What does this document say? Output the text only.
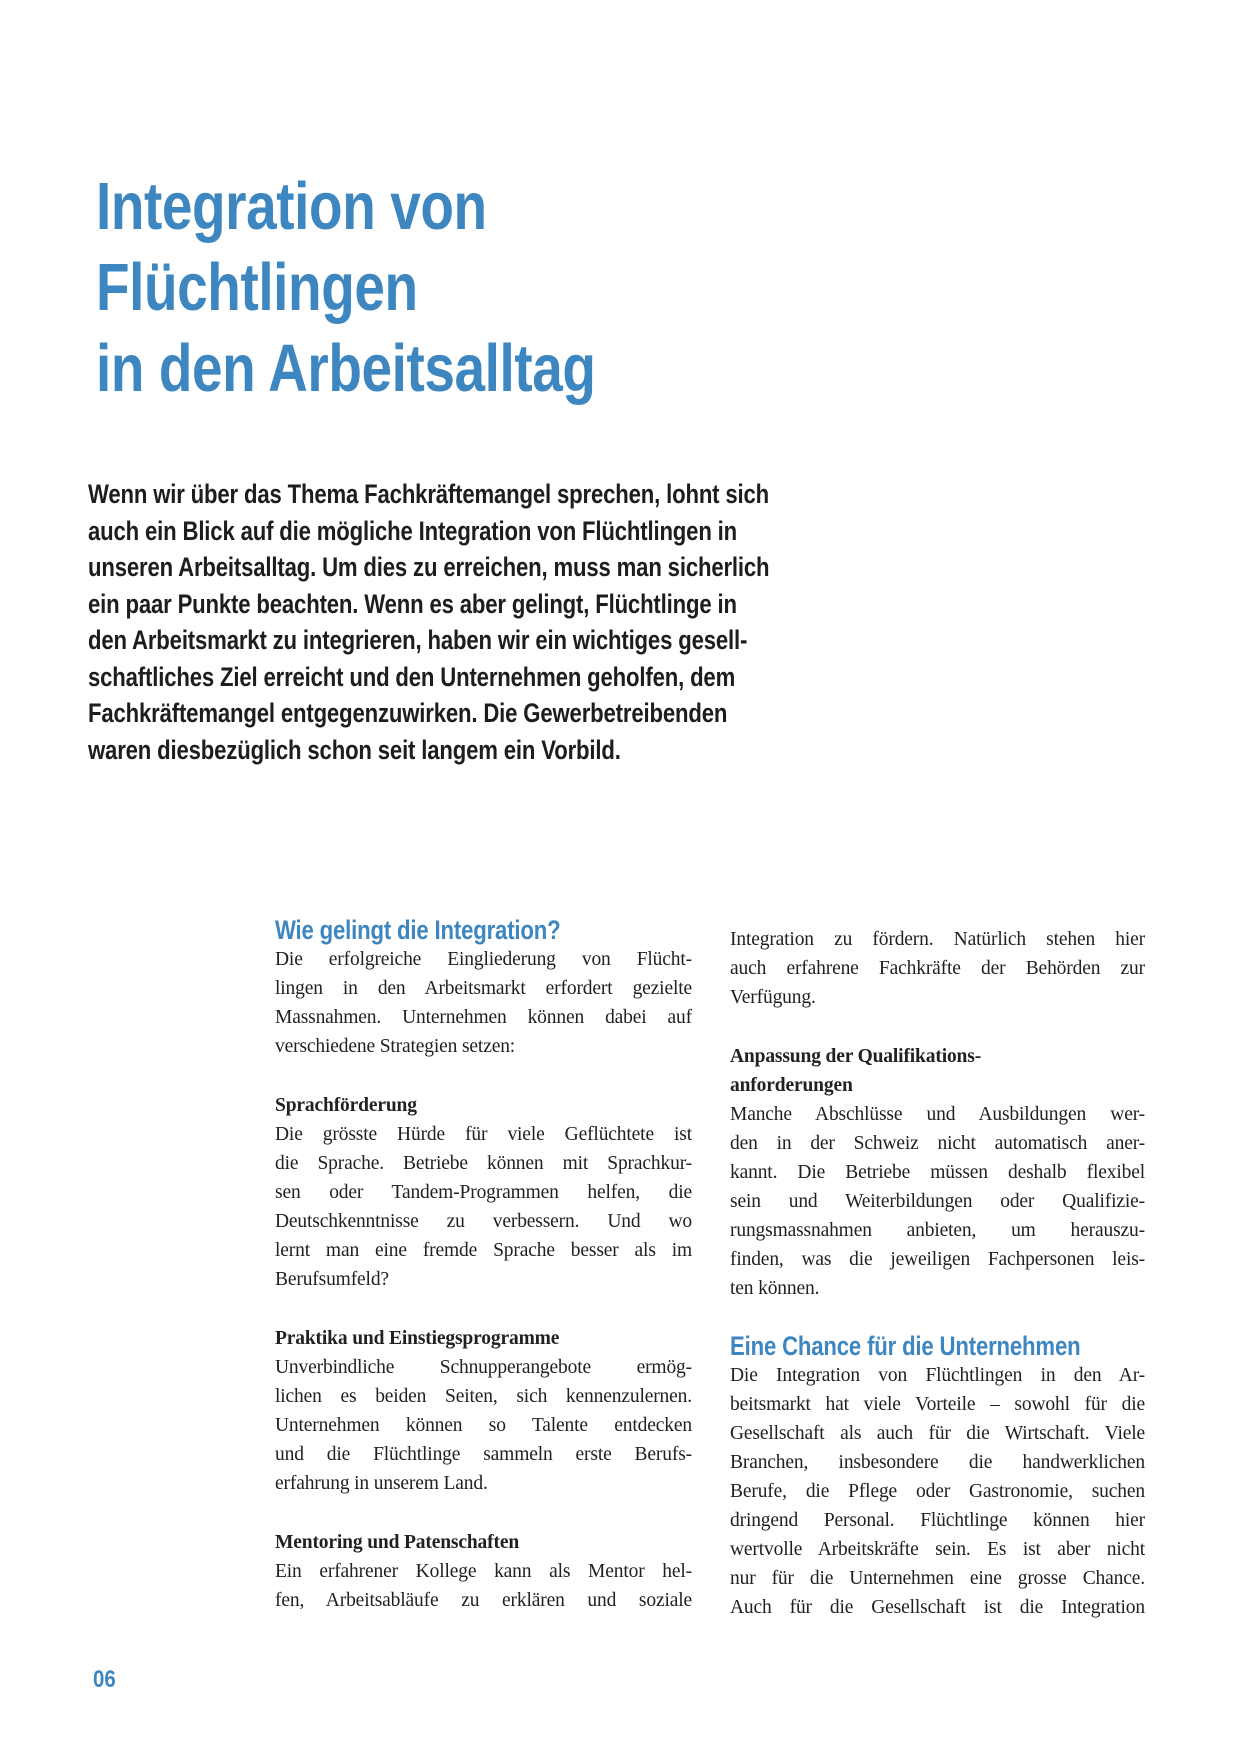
Integration von
Flüchtlingen
in den Arbeitsalltag
Wenn wir über das Thema Fachkräftemangel sprechen, lohnt sich
auch ein Blick auf die mögliche Integration von Flüchtlingen in
unseren Arbeitsalltag. Um dies zu erreichen, muss man sicherlich
ein paar Punkte beachten. Wenn es aber gelingt, Flüchtlinge in
den Arbeitsmarkt zu integrieren, haben wir ein wichtiges gesell-
schaftliches Ziel erreicht und den Unternehmen geholfen, dem
Fachkräftemangel entgegenzuwirken. Die Gewerbetreibenden
waren diesbezüglich schon seit langem ein Vorbild.
Wie gelingt die Integration?
Die erfolgreiche Eingliederung von Flücht-
lingen in den Arbeitsmarkt erfordert gezielte
Massnahmen. Unternehmen können dabei auf
verschiedene Strategien setzen:
Sprachförderung
Die grösste Hürde für viele Geflüchtete ist
die Sprache. Betriebe können mit Sprachkur-
sen oder Tandem-Programmen helfen, die
Deutschkenntnisse zu verbessern. Und wo
lernt man eine fremde Sprache besser als im
Berufsumfeld?
Praktika und Einstiegsprogramme
Unverbindliche Schnupperangebote ermög-
lichen es beiden Seiten, sich kennenzulernen.
Unternehmen können so Talente entdecken
und die Flüchtlinge sammeln erste Berufs-
erfahrung in unserem Land.
Mentoring und Patenschaften
Ein erfahrener Kollege kann als Mentor hel-
fen, Arbeitsabläufe zu erklären und soziale
Integration zu fördern. Natürlich stehen hier
auch erfahrene Fachkräfte der Behörden zur
Verfügung.
Anpassung der Qualifikations-
anforderungen
Manche Abschlüsse und Ausbildungen wer-
den in der Schweiz nicht automatisch aner-
kannt. Die Betriebe müssen deshalb flexibel
sein und Weiterbildungen oder Qualifizie-
rungsmassnahmen anbieten, um herauszu-
finden, was die jeweiligen Fachpersonen leis-
ten können.
Eine Chance für die Unternehmen
Die Integration von Flüchtlingen in den Ar-
beitsmarkt hat viele Vorteile – sowohl für die
Gesellschaft als auch für die Wirtschaft. Viele
Branchen, insbesondere die handwerklichen
Berufe, die Pflege oder Gastronomie, suchen
dringend Personal. Flüchtlinge können hier
wertvolle Arbeitskräfte sein. Es ist aber nicht
nur für die Unternehmen eine grosse Chance.
Auch für die Gesellschaft ist die Integration
06
